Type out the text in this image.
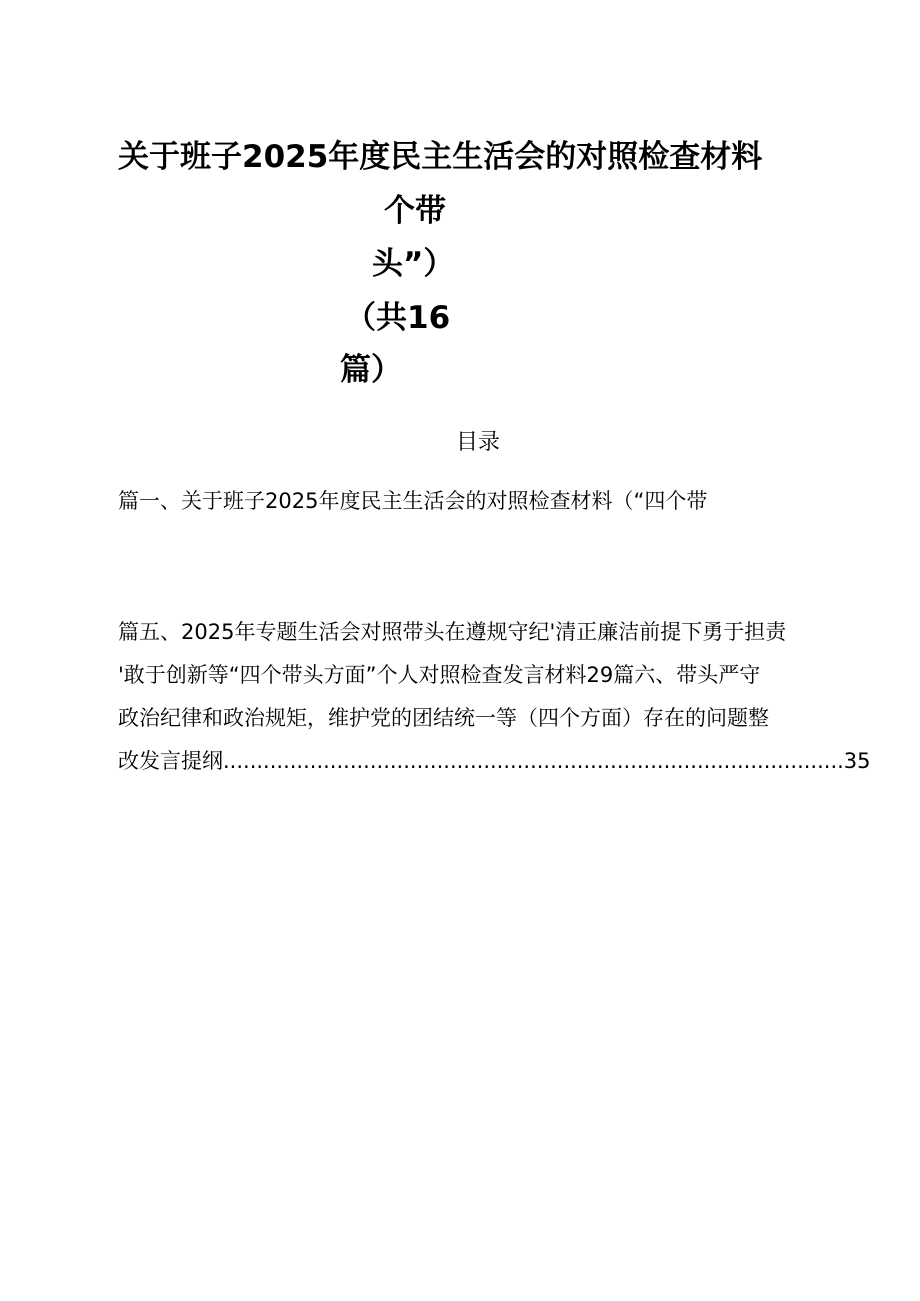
关于班子2025年度民主生活会的对照检查材料
个带
头”）
（共16
篇）
目录
篇一、关于班子2025年度民主生活会的对照检查材料（“四个带
篇五、2025年专题生活会对照带头在遵规守纪'清正廉洁前提下勇于担责
'敢于创新等“四个带头方面”个人对照检查发言材料29篇六、带头严守
政治纪律和政治规矩，维护党的团结统一等（四个方面）存在的问题整
改发言提纲.............................................................................................35
